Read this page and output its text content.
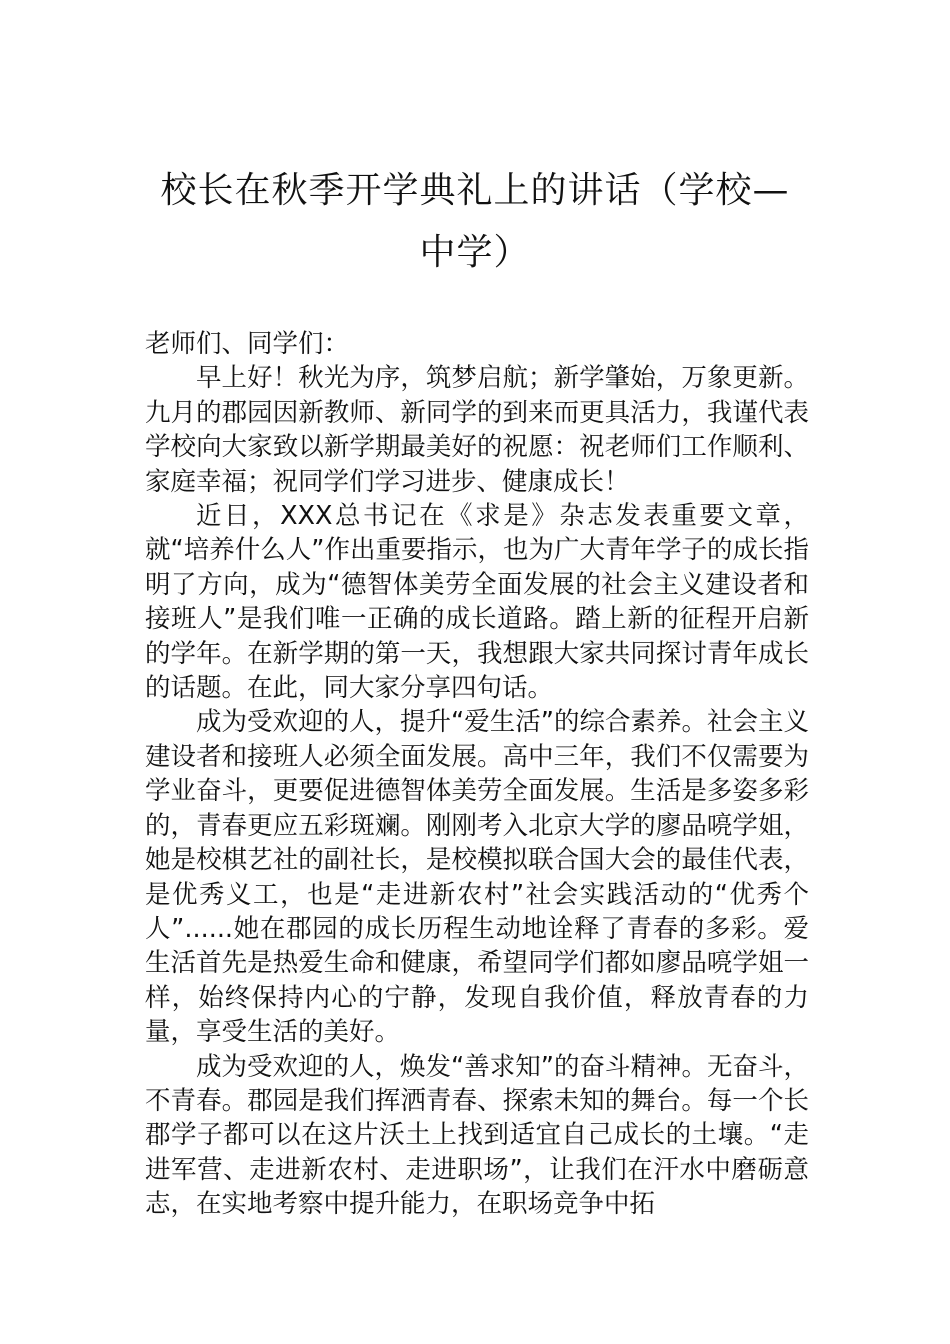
校长在秋季开学典礼上的讲话（学校—中学）

老师们、同学们：

早上好！秋光为序，筑梦启航；新学肇始，万象更新。九月的郡园因新教师、新同学的到来而更具活力，我谨代表学校向大家致以新学期最美好的祝愿：祝老师们工作顺利、家庭幸福；祝同学们学习进步、健康成长！

近日，XXX总书记在《求是》杂志发表重要文章，就“培养什么人”作出重要指示，也为广大青年学子的成长指明了方向，成为“德智体美劳全面发展的社会主义建设者和接班人”是我们唯一正确的成长道路。踏上新的征程开启新的学年。在新学期的第一天，我想跟大家共同探讨青年成长的话题。在此，同大家分享四句话。

成为受欢迎的人，提升“爱生活”的综合素养。社会主义建设者和接班人必须全面发展。高中三年，我们不仅需要为学业奋斗，更要促进德智体美劳全面发展。生活是多姿多彩的，青春更应五彩斑斓。刚刚考入北京大学的廖品喨学姐，她是校棋艺社的副社长，是校模拟联合国大会的最佳代表，是优秀义工，也是“走进新农村”社会实践活动的“优秀个人”......她在郡园的成长历程生动地诠释了青春的多彩。爱生活首先是热爱生命和健康，希望同学们都如廖品喨学姐一样，始终保持内心的宁静，发现自我价值，释放青春的力量，享受生活的美好。

成为受欢迎的人，焕发“善求知”的奋斗精神。无奋斗，不青春。郡园是我们挥洒青春、探索未知的舞台。每一个长郡学子都可以在这片沃土上找到适宜自己成长的土壤。“走进军营、走进新农村、走进职场”，让我们在汗水中磨砺意志，在实地考察中提升能力，在职场竞争中拓
